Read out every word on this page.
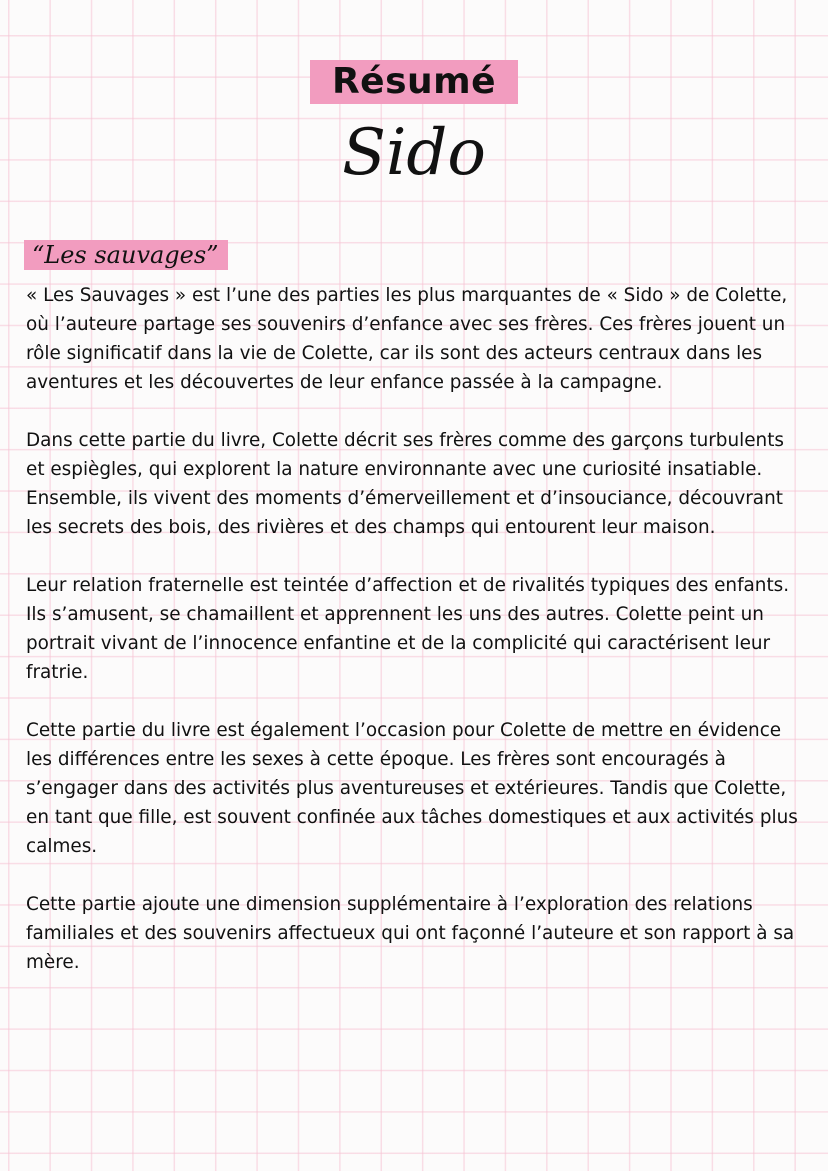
Résumé
Sido
“Les sauvages”

« Les Sauvages » est l’une des parties les plus marquantes de « Sido » de Colette, où l’auteure partage ses souvenirs d’enfance avec ses frères. Ces frères jouent un rôle significatif dans la vie de Colette, car ils sont des acteurs centraux dans les aventures et les découvertes de leur enfance passée à la campagne.

Dans cette partie du livre, Colette décrit ses frères comme des garçons turbulents et espiègles, qui explorent la nature environnante avec une curiosité insatiable. Ensemble, ils vivent des moments d’émerveillement et d’insouciance, découvrant les secrets des bois, des rivières et des champs qui entourent leur maison.

Leur relation fraternelle est teintée d’affection et de rivalités typiques des enfants. Ils s’amusent, se chamaillent et apprennent les uns des autres. Colette peint un portrait vivant de l’innocence enfantine et de la complicité qui caractérisent leur fratrie.

Cette partie du livre est également l’occasion pour Colette de mettre en évidence les différences entre les sexes à cette époque. Les frères sont encouragés à s’engager dans des activités plus aventureuses et extérieures. Tandis que Colette, en tant que fille, est souvent confinée aux tâches domestiques et aux activités plus calmes.

Cette partie ajoute une dimension supplémentaire à l’exploration des relations familiales et des souvenirs affectueux qui ont façonné l’auteure et son rapport à sa mère.
